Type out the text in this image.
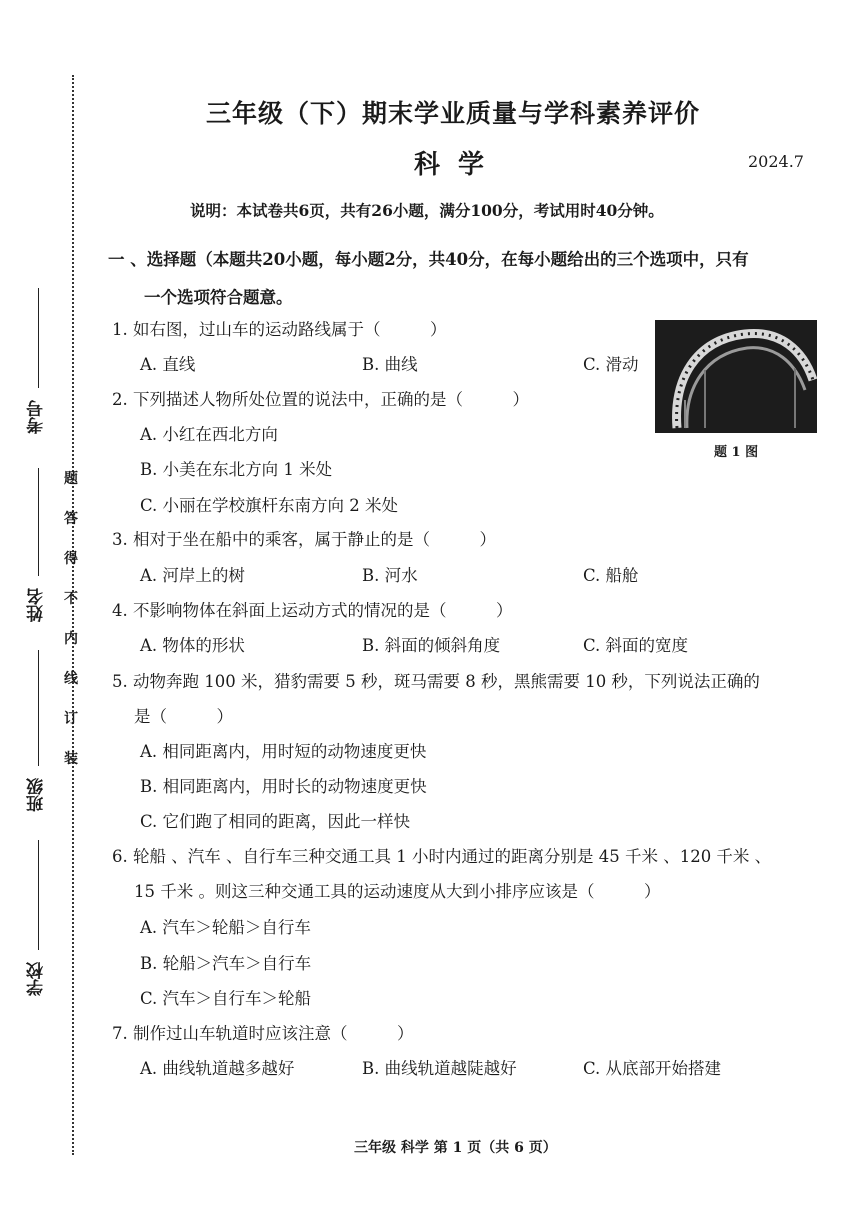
考号
姓名
班级
学校
题
答
得
不
内
线
订
装
三年级（下）期末学业质量与学科素养评价
科学	2024.7
说明：本试卷共6页，共有26小题，满分100分，考试用时40分钟。
一 、选择题（本题共20小题，每小题2分，共40分，在每小题给出的三个选项中，只有
一个选项符合题意。
题 1 图
1. 如右图，过山车的运动路线属于（　　　）
A. 直线	B. 曲线	C. 滑动
2. 下列描述人物所处位置的说法中，正确的是（　　　）
A. 小红在西北方向
B. 小美在东北方向 1 米处
C. 小丽在学校旗杆东南方向 2 米处
3. 相对于坐在船中的乘客，属于静止的是（　　　）
A. 河岸上的树	B. 河水	C. 船舱
4. 不影响物体在斜面上运动方式的情况的是（　　　）
A. 物体的形状	B. 斜面的倾斜角度	C. 斜面的宽度
5. 动物奔跑 100 米，猎豹需要 5 秒，斑马需要 8 秒，黑熊需要 10 秒，下列说法正确的
是（　　　）
A. 相同距离内，用时短的动物速度更快
B. 相同距离内，用时长的动物速度更快
C. 它们跑了相同的距离，因此一样快
6. 轮船 、汽车 、自行车三种交通工具 1 小时内通过的距离分别是 45 千米 、120 千米 、
15 千米 。则这三种交通工具的运动速度从大到小排序应该是（　　　）
A. 汽车＞轮船＞自行车
B. 轮船＞汽车＞自行车
C. 汽车＞自行车＞轮船
7. 制作过山车轨道时应该注意（　　　）
A. 曲线轨道越多越好	B. 曲线轨道越陡越好	C. 从底部开始搭建
三年级 科学 第 1 页（共 6 页）
